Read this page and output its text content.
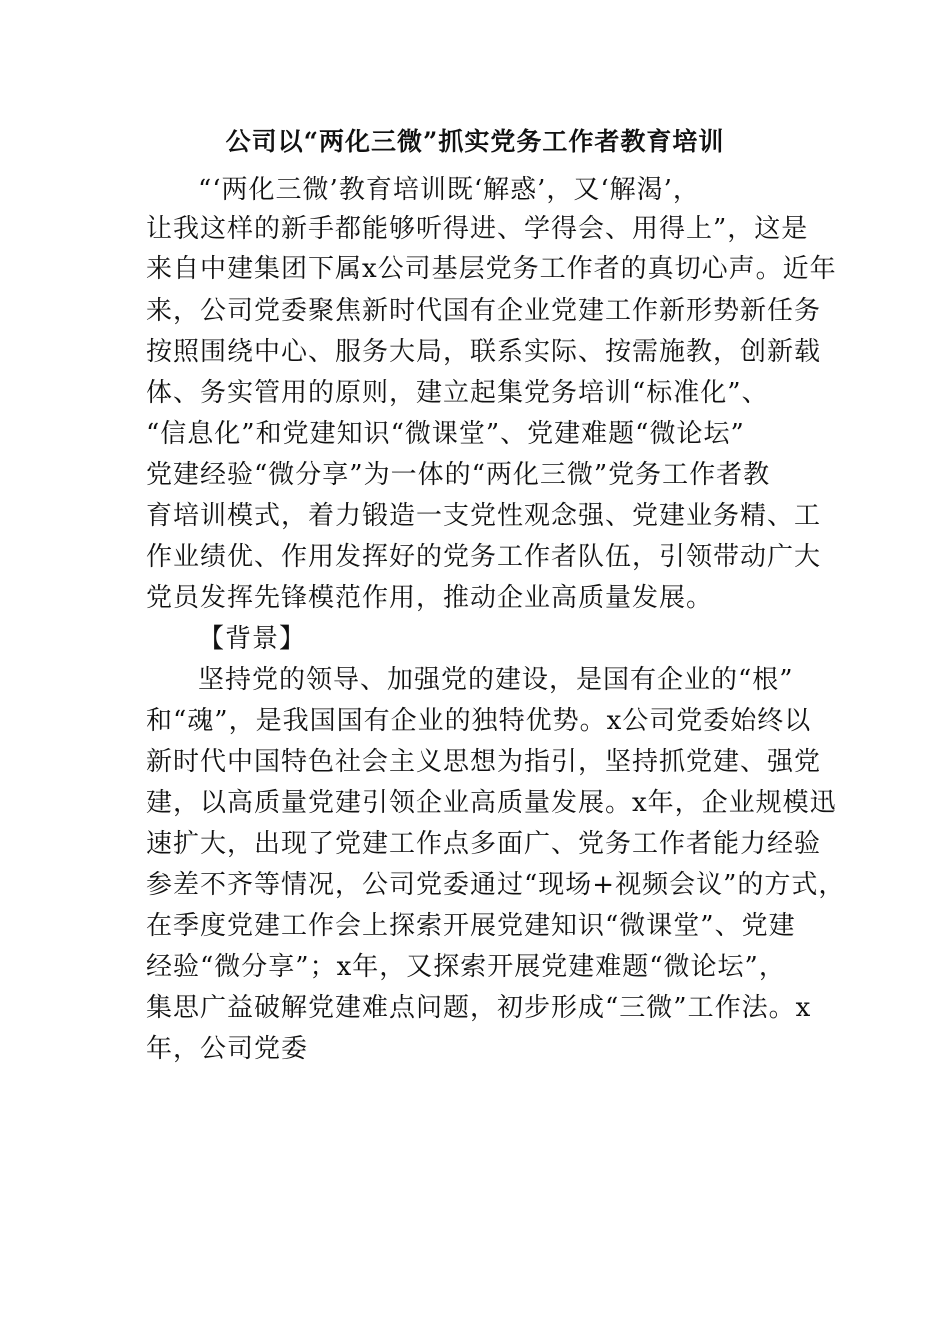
公司以“两化三微”抓实党务工作者教育培训

“‘两化三微’教育培训既‘解惑’，又‘解渴’，

让我这样的新手都能够听得进、学得会、用得上”，这是

来自中建集团下属x公司基层党务工作者的真切心声。近年

来，公司党委聚焦新时代国有企业党建工作新形势新任务

按照围绕中心、服务大局，联系实际、按需施教，创新载

体、务实管用的原则，建立起集党务培训“标准化”、

“信息化”和党建知识“微课堂”、党建难题“微论坛”

党建经验“微分享”为一体的“两化三微”党务工作者教

育培训模式，着力锻造一支党性观念强、党建业务精、工

作业绩优、作用发挥好的党务工作者队伍，引领带动广大

党员发挥先锋模范作用，推动企业高质量发展。

【背景】

坚持党的领导、加强党的建设，是国有企业的“根”

和“魂”，是我国国有企业的独特优势。x公司党委始终以

新时代中国特色社会主义思想为指引，坚持抓党建、强党

建，以高质量党建引领企业高质量发展。x年，企业规模迅

速扩大，出现了党建工作点多面广、党务工作者能力经验

参差不齐等情况，公司党委通过“现场+视频会议”的方式，

在季度党建工作会上探索开展党建知识“微课堂”、党建

经验“微分享”；x年，又探索开展党建难题“微论坛”，

集思广益破解党建难点问题，初步形成“三微”工作法。x

年，公司党委
